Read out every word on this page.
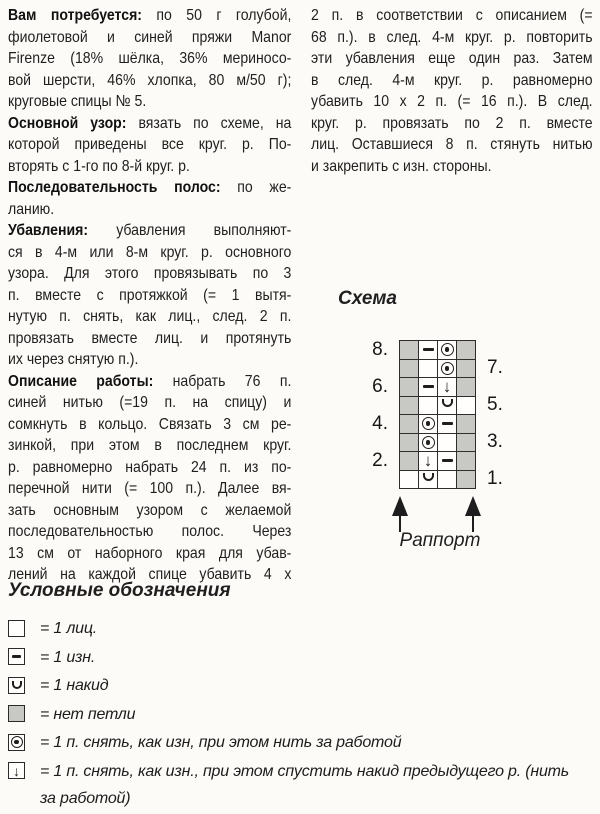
Вам потребуется: по 50 г голубой,
фиолетовой и синей пряжи Manor
Firenze (18% шёлка, 36% мериносо-
вой шерсти, 46% хлопка, 80 м/50 г);
круговые спицы № 5.
Основной узор: вязать по схеме, на
которой приведены все круг. р. По-
вторять с 1-го по 8-й круг. р.
Последовательность полос: по же-
ланию.
Убавления: убавления выполняют-
ся в 4-м или 8-м круг. р. основного
узора. Для этого провязывать по 3
п. вместе с протяжкой (= 1 вытя-
нутую п. снять, как лиц., след. 2 п.
провязать вместе лиц. и протянуть
их через снятую п.).
Описание работы: набрать 76 п.
синей нитью (=19 п. на спицу) и
сомкнуть в кольцо. Связать 3 см ре-
зинкой, при этом в последнем круг.
р. равномерно набрать 24 п. из по-
перечной нити (= 100 п.). Далее вя-
зать основным узором с желаемой
последовательностью полос. Через
13 см от наборного края для убав-
лений на каждой спице убавить 4 х
2 п. в соответствии с описанием (=
68 п.). в след. 4-м круг. р. повторить
эти убавления еще один раз. Затем
в след. 4-м круг. р. равномерно
убавить 10 х 2 п. (= 16 п.). В след.
круг. р. провязать по 2 п. вместе
лиц. Оставшиеся 8 п. стянуть нитью
и закрепить с изн. стороны.
Схема
↓
↓
8.
7.
6.
5.
4.
3.
2.
1.
Раппорт
Условные обозначения
= 1 лиц.
= 1 изн.
= 1 накид
= нет петли
= 1 п. снять, как изн, при этом нить за работой
↓ = 1 п. снять, как изн., при этом спустить накид предыдущего р. (нить
за работой)
